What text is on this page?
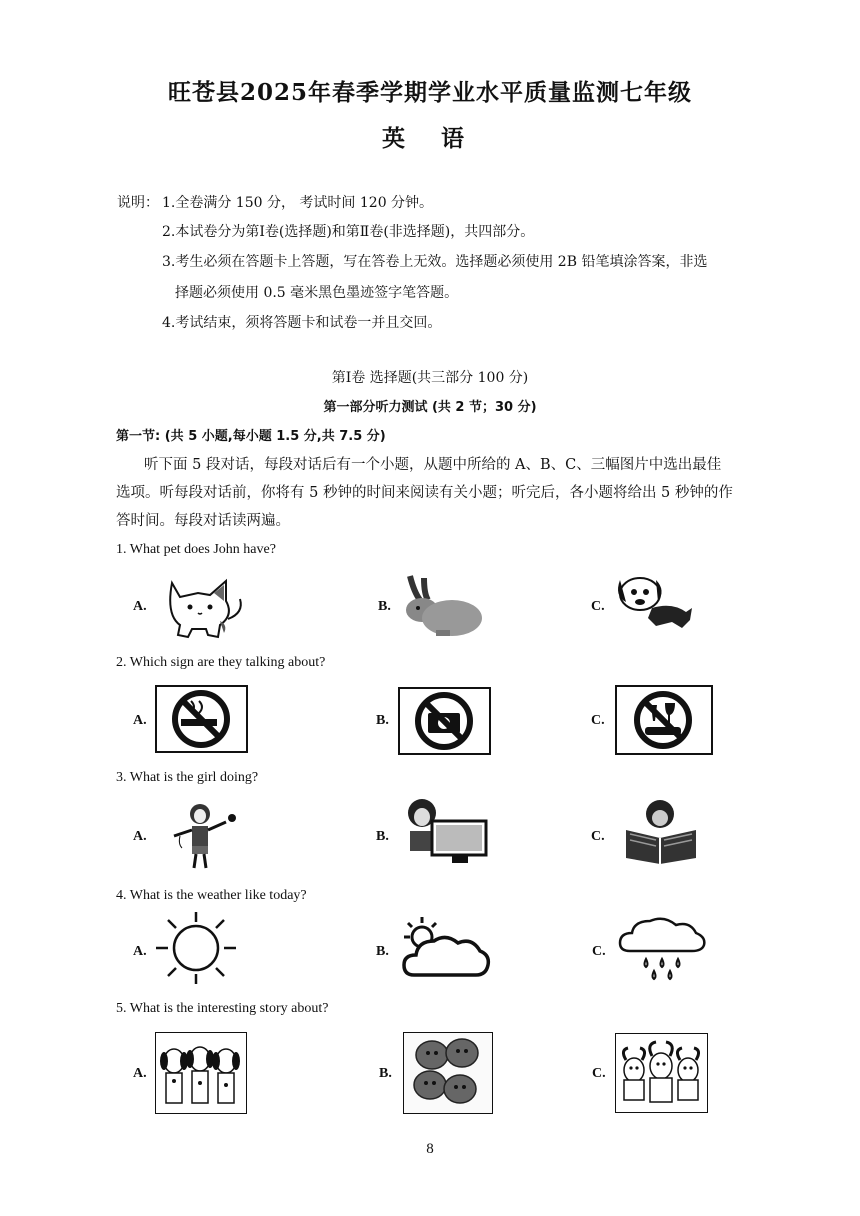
旺苍县2025年春季学期学业水平质量监测七年级
英 语
说明： 1.全卷满分 150 分， 考试时间 120 分钟。
2.本试卷分为第Ⅰ卷(选择题)和第Ⅱ卷(非选择题)，共四部分。
3.考生必须在答题卡上答题，写在答卷上无效。选择题必须使用 2B 铅笔填涂答案，非选
择题必须使用 0.5 毫米黑色墨迹签字笔答题。
4.考试结束，须将答题卡和试卷一并且交回。
第Ⅰ卷 选择题(共三部分 100 分)
第一部分听力测试 (共 2 节；30 分)
第一节: (共 5 小题,每小题 1.5 分,共 7.5 分)
听下面 5 段对话，每段对话后有一个小题，从题中所给的 A、B、C、三幅图片中选出最佳
选项。听每段对话前，你将有 5 秒钟的时间来阅读有关小题；听完后，各小题将给出 5 秒钟的作
答时间。每段对话读两遍。
1. What pet does John have?
A.	B.	C.
2. Which sign are they talking about?
A.	B.	C.
3. What is the girl doing?
A.	B.	C.
4. What is the weather like today?
A.	B.	C.
5. What is the interesting story about?
A.	B.	C.
8
